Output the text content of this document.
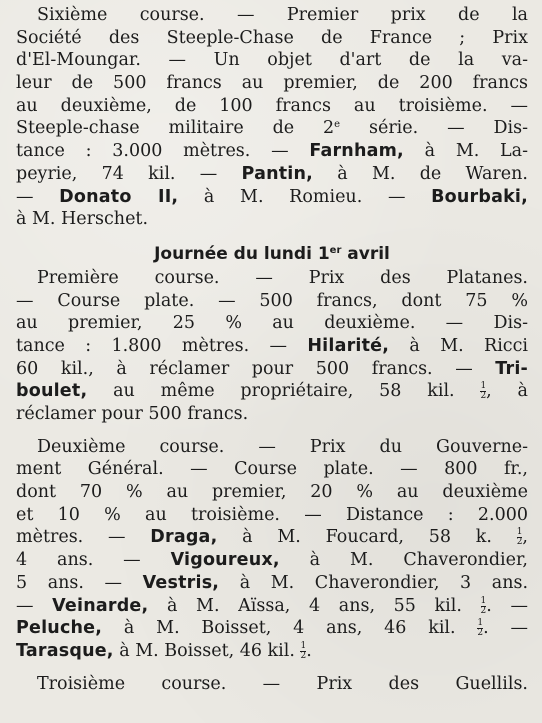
Sixième course. — Premier prix de la
Société des Steeple-Chase de France ; Prix
d'El-Moungar. — Un objet d'art de la va-
leur de 500 francs au premier, de 200 francs
au deuxième, de 100 francs au troisième. —
Steeple-chase militaire de 2e série. — Dis-
tance : 3.000 mètres. — Farnham, à M. La-
peyrie, 74 kil. — Pantin, à M. de Waren.
— Donato II, à M. Romieu. — Bourbaki,
à M. Herschet.
Journée du lundi 1er avril
Première course. — Prix des Platanes.
— Course plate. — 500 francs, dont 75 %
au premier, 25 % au deuxième. — Dis-
tance : 1.800 mètres. — Hilarité, à M. Ricci
60 kil., à réclamer pour 500 francs. — Tri-
boulet, au même propriétaire, 58 kil. $\frac{1}{2}$ , à
réclamer pour 500 francs.
Deuxième course. — Prix du Gouverne-
ment Général. — Course plate. — 800 fr.,
dont 70 % au premier, 20 % au deuxième
et 10 % au troisième. — Distance : 2.000
mètres. — Draga, à M. Foucard, 58 k. $\frac{1}{2}$ ,
4 ans. — Vigoureux, à M. Chaverondier,
5 ans. — Vestris, à M. Chaverondier, 3 ans.
— Veinarde, à M. Aïssa, 4 ans, 55 kil. $\frac{1}{2}$ . —
Peluche, à M. Boisset, 4 ans, 46 kil. $\frac{1}{2}$ . —
Tarasque, à M. Boisset, 46 kil. $\frac{1}{2}$ .
Troisième course. — Prix des Guellils.
